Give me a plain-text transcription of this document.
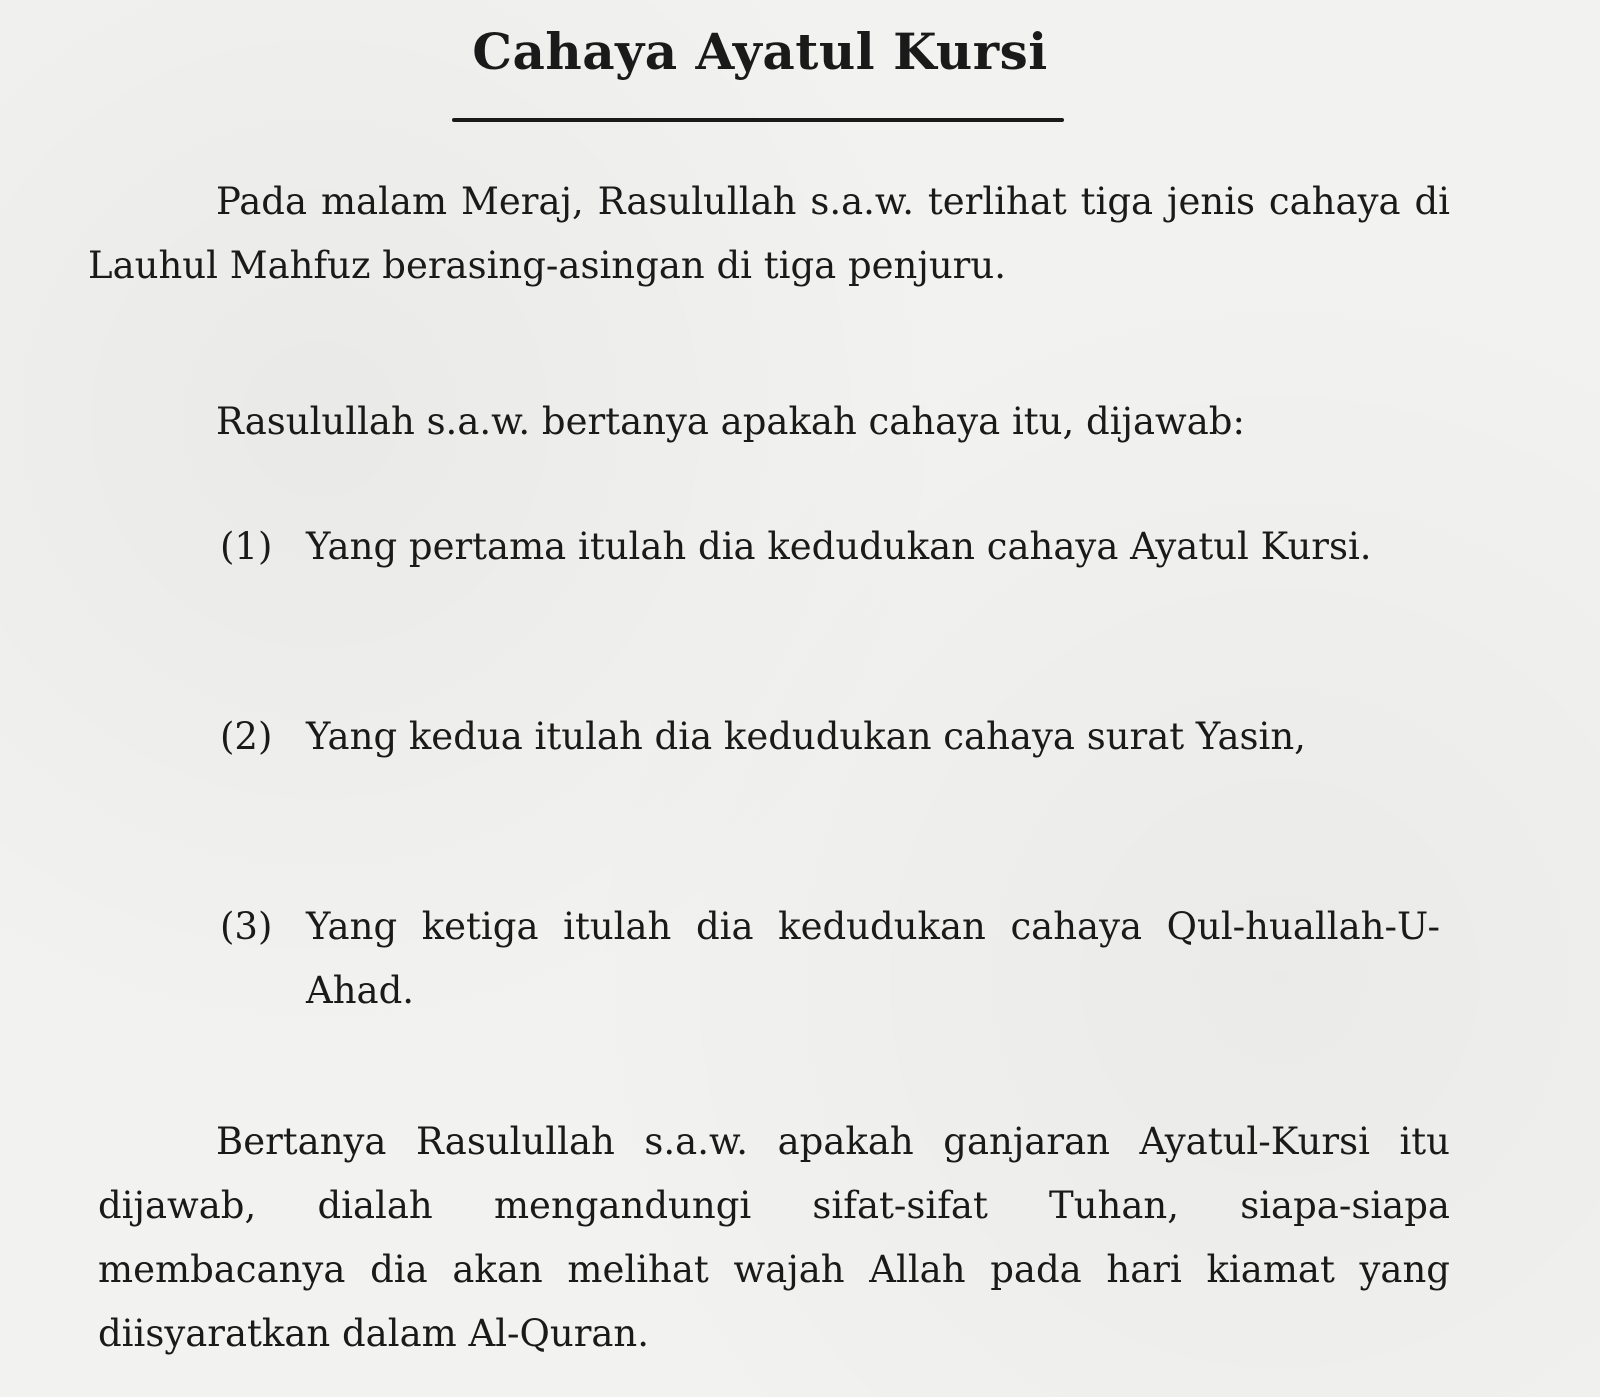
Cahaya Ayatul Kursi
Pada malam Meraj, Rasulullah s.a.w. terlihat tiga jenis cahaya di Lauhul Mahfuz berasing-asingan di tiga penjuru.
Rasulullah s.a.w. bertanya apakah cahaya itu, dijawab:
(1) Yang pertama itulah dia kedudukan cahaya Ayatul Kursi.
(2) Yang kedua itulah dia kedudukan cahaya surat Yasin,
(3) Yang ketiga itulah dia kedudukan cahaya Qul-huallah-U-Ahad.
Bertanya Rasulullah s.a.w. apakah ganjaran Ayatul-Kursi itu dijawab, dialah mengandungi sifat-sifat Tuhan, siapa-siapa membacanya dia akan melihat wajah Allah pada hari kiamat yang diisyaratkan dalam Al-Quran.
